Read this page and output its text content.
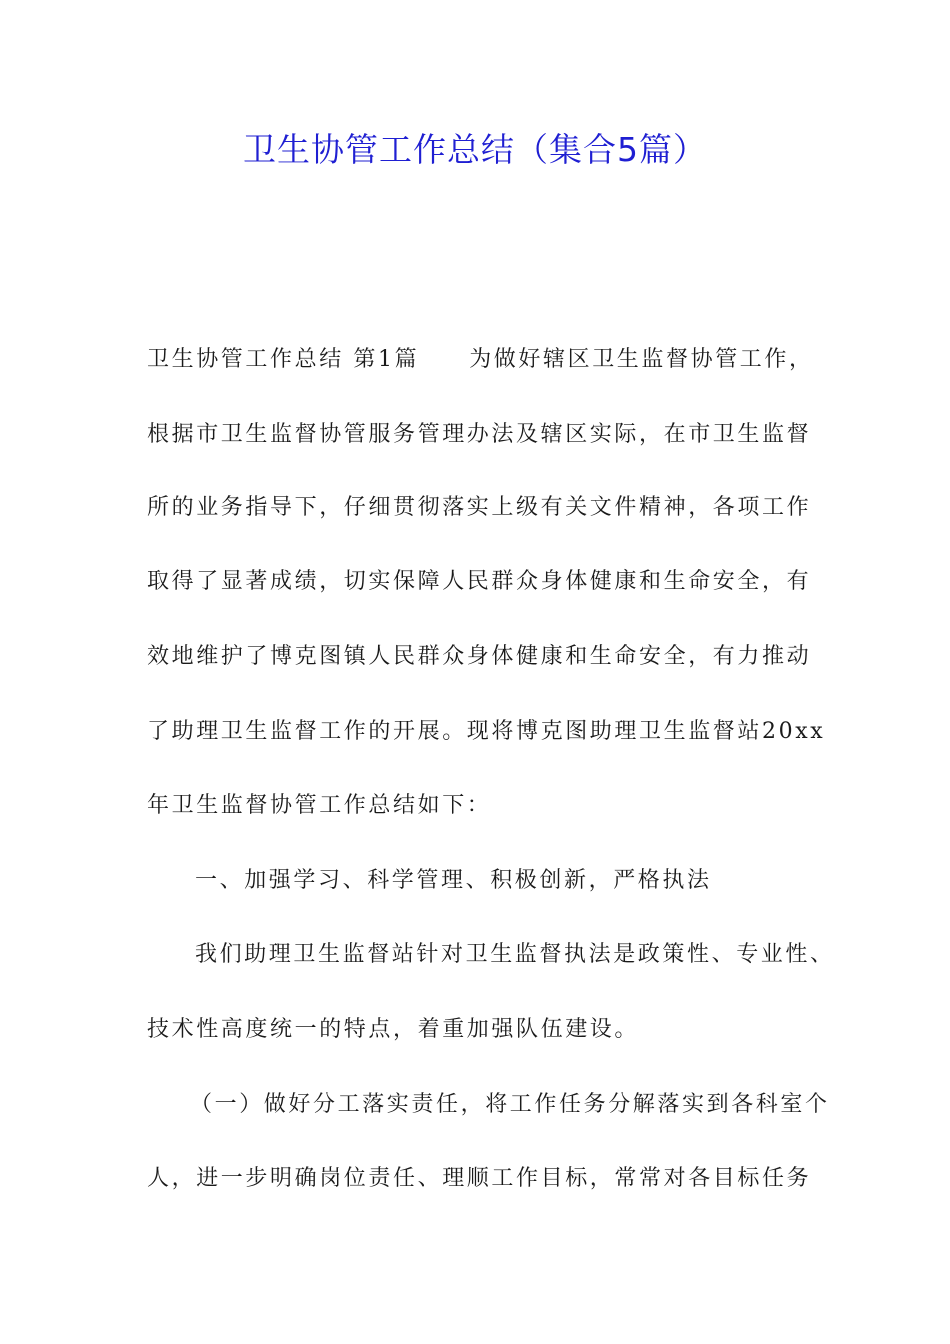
卫生协管工作总结（集合5篇）
卫生协管工作总结 第1篇 为做好辖区卫生监督协管工作，
根据市卫生监督协管服务管理办法及辖区实际，在市卫生监督
所的业务指导下，仔细贯彻落实上级有关文件精神，各项工作
取得了显著成绩，切实保障人民群众身体健康和生命安全，有
效地维护了博克图镇人民群众身体健康和生命安全，有力推动
了助理卫生监督工作的开展。现将博克图助理卫生监督站20xx
年卫生监督协管工作总结如下：
一、加强学习、科学管理、积极创新，严格执法
我们助理卫生监督站针对卫生监督执法是政策性、专业性、
技术性高度统一的特点，着重加强队伍建设。
（一）做好分工落实责任，将工作任务分解落实到各科室个
人，进一步明确岗位责任、理顺工作目标，常常对各目标任务
